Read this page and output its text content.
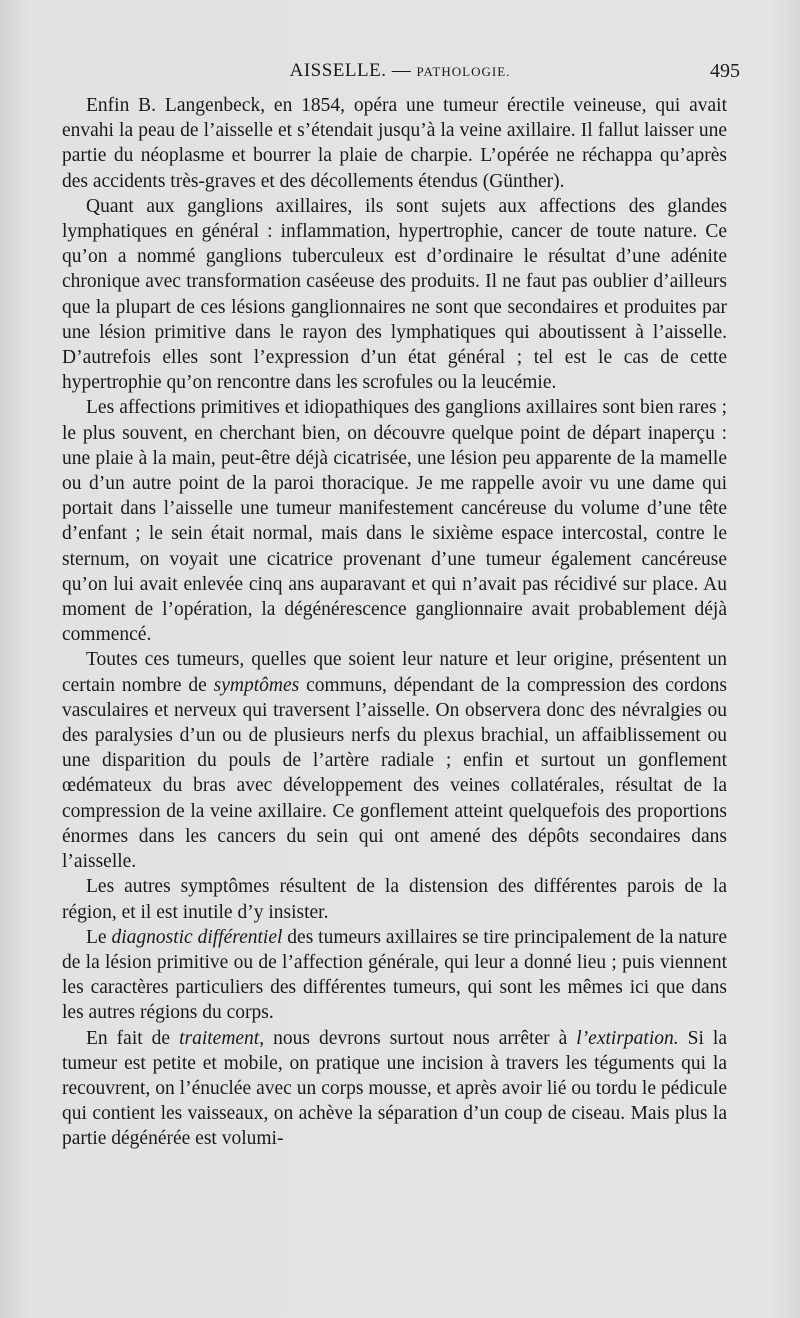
AISSELLE. — PATHOLOGIE.	495

Enfin B. Langenbeck, en 1854, opéra une tumeur érectile veineuse, qui avait envahi la peau de l’aisselle et s’étendait jusqu’à la veine axillaire. Il fallut laisser une partie du néoplasme et bourrer la plaie de charpie. L’opérée ne réchappa qu’après des accidents très-graves et des décollements étendus (Günther).

Quant aux ganglions axillaires, ils sont sujets aux affections des glandes lymphatiques en général : inflammation, hypertrophie, cancer de toute nature. Ce qu’on a nommé ganglions tuberculeux est d’ordinaire le résultat d’une adénite chronique avec transformation caséeuse des produits. Il ne faut pas oublier d’ailleurs que la plupart de ces lésions ganglionnaires ne sont que secondaires et produites par une lésion primitive dans le rayon des lymphatiques qui aboutissent à l’aisselle. D’autrefois elles sont l’expression d’un état général ; tel est le cas de cette hypertrophie qu’on rencontre dans les scrofules ou la leucémie.

Les affections primitives et idiopathiques des ganglions axillaires sont bien rares ; le plus souvent, en cherchant bien, on découvre quelque point de départ inaperçu : une plaie à la main, peut-être déjà cicatrisée, une lésion peu apparente de la mamelle ou d’un autre point de la paroi thoracique. Je me rappelle avoir vu une dame qui portait dans l’aisselle une tumeur manifestement cancéreuse du volume d’une tête d’enfant ; le sein était normal, mais dans le sixième espace intercostal, contre le sternum, on voyait une cicatrice provenant d’une tumeur également cancéreuse qu’on lui avait enlevée cinq ans auparavant et qui n’avait pas récidivé sur place. Au moment de l’opération, la dégénérescence ganglionnaire avait probablement déjà commencé.

Toutes ces tumeurs, quelles que soient leur nature et leur origine, présentent un certain nombre de symptômes communs, dépendant de la compression des cordons vasculaires et nerveux qui traversent l’aisselle. On observera donc des névralgies ou des paralysies d’un ou de plusieurs nerfs du plexus brachial, un affaiblissement ou une disparition du pouls de l’artère radiale ; enfin et surtout un gonflement œdémateux du bras avec développement des veines collatérales, résultat de la compression de la veine axillaire. Ce gonflement atteint quelquefois des proportions énormes dans les cancers du sein qui ont amené des dépôts secondaires dans l’aisselle.

Les autres symptômes résultent de la distension des différentes parois de la région, et il est inutile d’y insister.

Le diagnostic différentiel des tumeurs axillaires se tire principalement de la nature de la lésion primitive ou de l’affection générale, qui leur a donné lieu ; puis viennent les caractères particuliers des différentes tumeurs, qui sont les mêmes ici que dans les autres régions du corps.

En fait de traitement, nous devrons surtout nous arrêter à l’extirpation. Si la tumeur est petite et mobile, on pratique une incision à travers les téguments qui la recouvrent, on l’énuclée avec un corps mousse, et après avoir lié ou tordu le pédicule qui contient les vaisseaux, on achève la séparation d’un coup de ciseau. Mais plus la partie dégénérée est volumi-
